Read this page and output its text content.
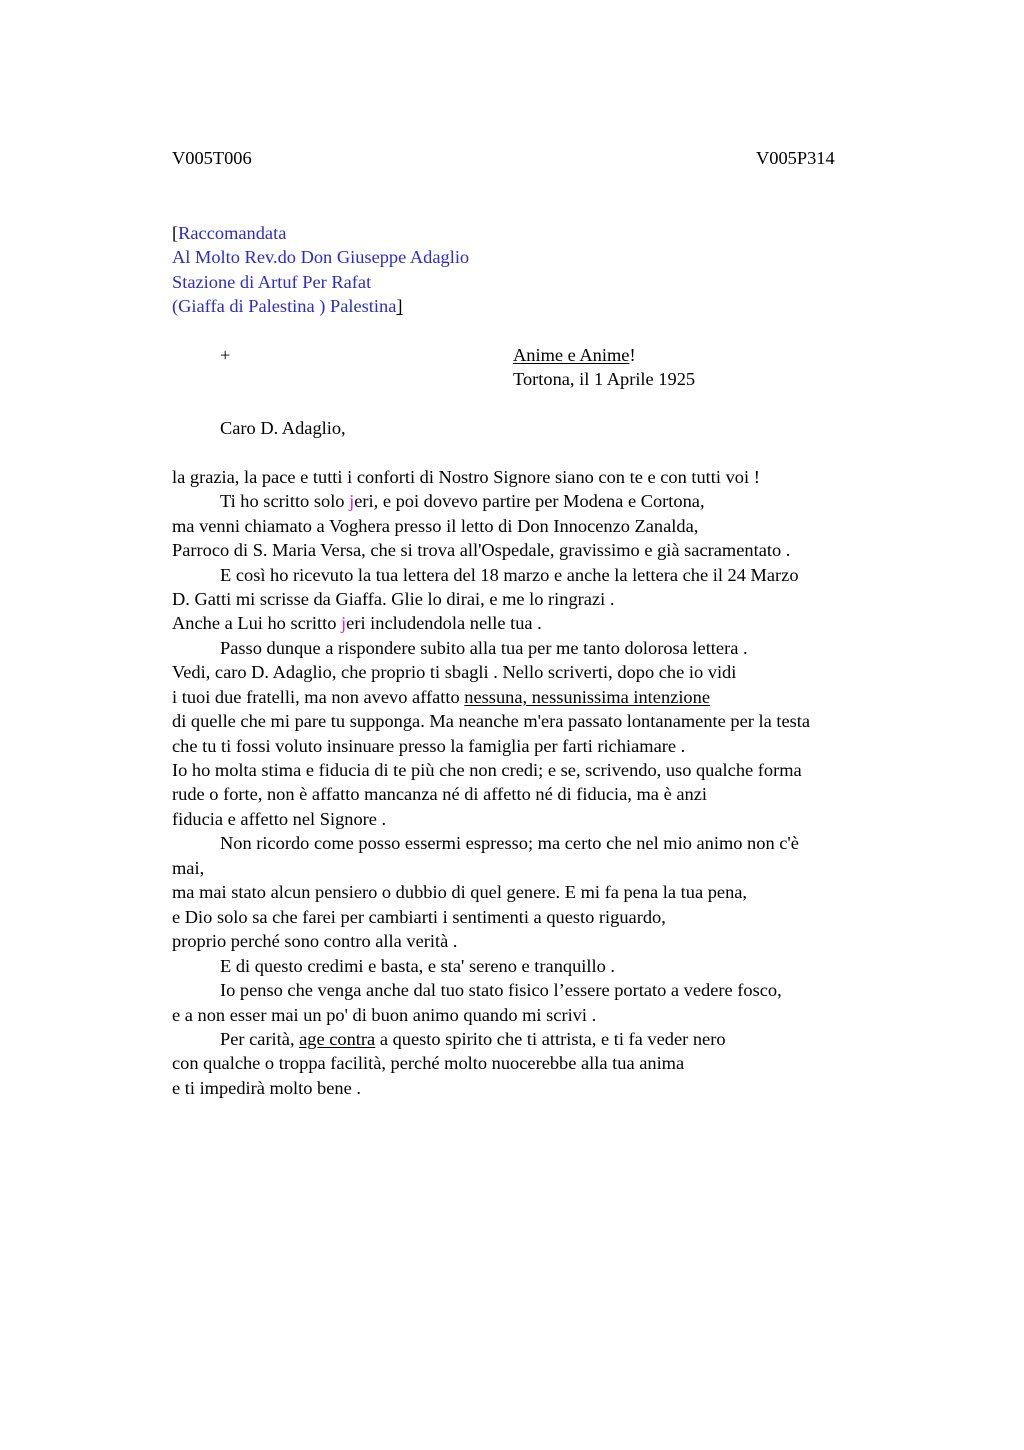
V005T006	V005P314
[Raccomandata
Al Molto Rev.do Don Giuseppe Adaglio
Stazione di Artuf Per Rafat
(Giaffa di Palestina ) Palestina]
+	Anime e Anime!
Tortona, il 1 Aprile 1925
Caro D. Adaglio,
la grazia, la pace e tutti i conforti di Nostro Signore siano con te e con tutti voi !
Ti ho scritto solo jeri, e poi dovevo partire per Modena e Cortona,
ma venni chiamato a Voghera presso il letto di Don Innocenzo Zanalda,
Parroco di S. Maria Versa, che si trova all'Ospedale, gravissimo e già sacramentato .
E così ho ricevuto la tua lettera del 18 marzo e anche la lettera che il 24 Marzo
D. Gatti mi scrisse da Giaffa. Glie lo dirai, e me lo ringrazi .
Anche a Lui ho scritto jeri includendola nelle tua .
Passo dunque a rispondere subito alla tua per me tanto dolorosa lettera .
Vedi, caro D. Adaglio, che proprio ti sbagli . Nello scriverti, dopo che io vidi
i tuoi due fratelli, ma non avevo affatto nessuna, nessunissima intenzione
di quelle che mi pare tu supponga. Ma neanche m'era passato lontanamente per la testa
che tu ti fossi voluto insinuare presso la famiglia per farti richiamare .
Io ho molta stima e fiducia di te più che non credi; e se, scrivendo, uso qualche forma
rude o forte, non è affatto mancanza né di affetto né di fiducia, ma è anzi
fiducia e affetto nel Signore .
Non ricordo come posso essermi espresso; ma certo che nel mio animo non c'è
mai,
ma mai stato alcun pensiero o dubbio di quel genere. E mi fa pena la tua pena,
e Dio solo sa che farei per cambiarti i sentimenti a questo riguardo,
proprio perché sono contro alla verità .
E di questo credimi e basta, e sta' sereno e tranquillo .
Io penso che venga anche dal tuo stato fisico l’essere portato a vedere fosco,
e a non esser mai un po' di buon animo quando mi scrivi .
Per carità, age contra a questo spirito che ti attrista, e ti fa veder nero
con qualche o troppa facilità, perché molto nuocerebbe alla tua anima
e ti impedirà molto bene .
